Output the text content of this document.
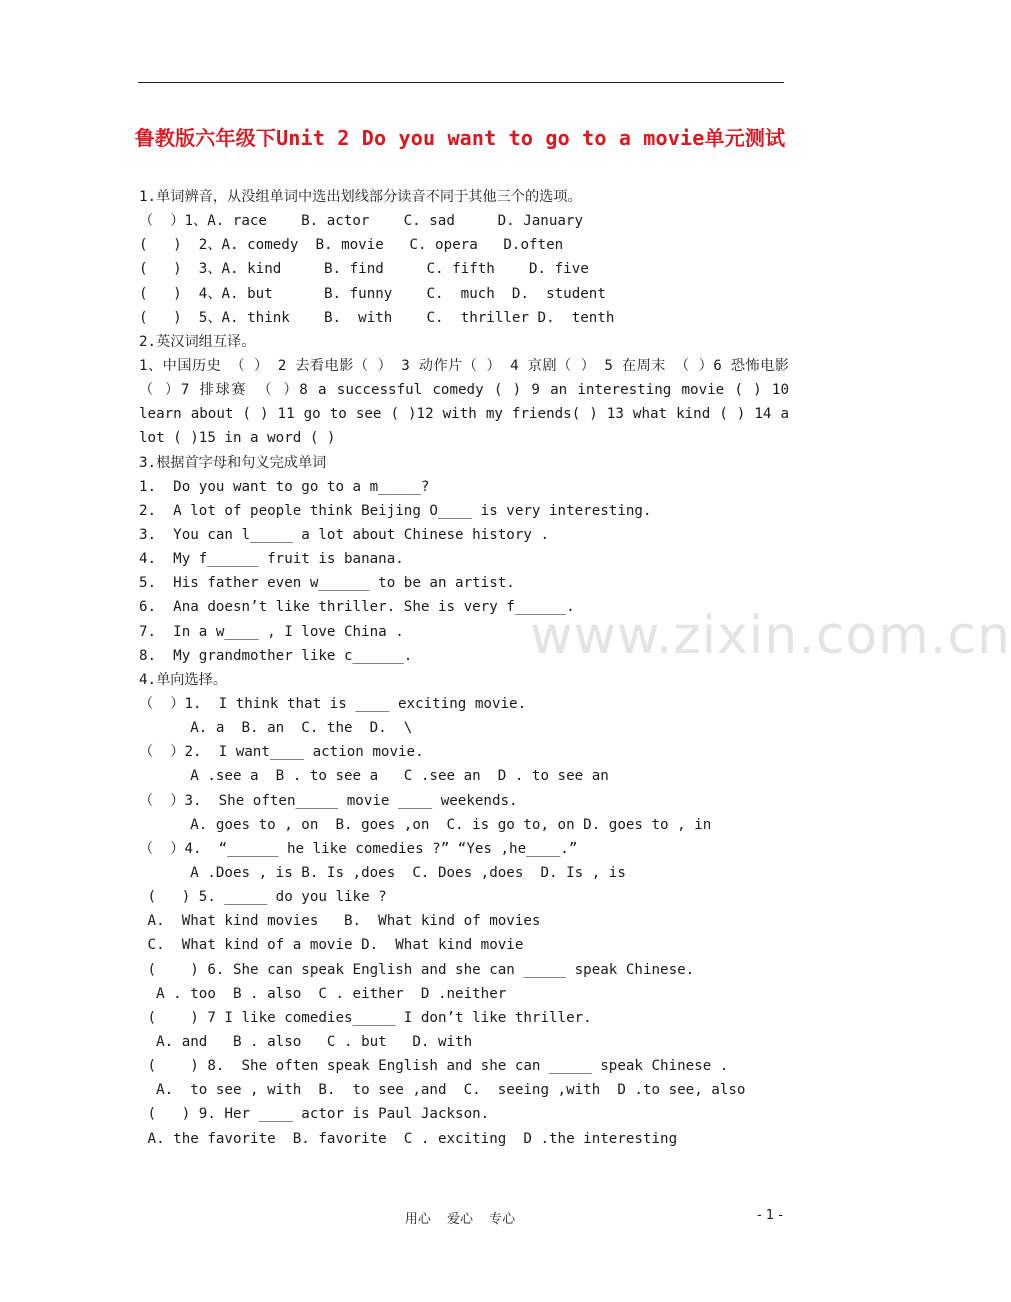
鲁教版六年级下Unit 2 Do you want to go to a movie单元测试
www.zixin.com.cn
1.单词辨音，从没组单词中选出划线部分读音不同于其他三个的选项。
（  ）1、A. race    B. actor    C. sad     D. January
(   )  2、A. comedy  B. movie   C. opera   D.often
(   )  3、A. kind     B. find     C. fifth    D. five
(   )  4、A. but      B. funny    C.  much  D.  student
(   )  5、A. think    B.  with    C.  thriller D.  tenth
2.英汉词组互译。
1、中国历史 （ ） 2 去看电影（ ） 3 动作片（ ） 4 京剧（ ） 5 在周末 （ ）6 恐怖电影 （ ）7 排球赛 （ ）8 a successful comedy ( ) 9 an interesting movie ( ) 10 learn about ( ) 11 go to see ( )12 with my friends( ) 13 what kind ( ) 14 a lot ( )15 in a word ( )
3.根据首字母和句义完成单词
1.  Do you want to go to a m_____?
2.  A lot of people think Beijing O____ is very interesting.
3.  You can l_____ a lot about Chinese history .
4.  My f______ fruit is banana.
5.  His father even w______ to be an artist.
6.  Ana doesn’t like thriller. She is very f______.
7.  In a w____ , I love China .
8.  My grandmother like c______.
4.单向选择。
（  ）1.  I think that is ____ exciting movie.
A. a  B. an  C. the  D.  \
（  ）2.  I want____ action movie.
A .see a  B . to see a   C .see an  D . to see an
（  ）3.  She often_____ movie ____ weekends.
A. goes to , on  B. goes ,on  C. is go to, on D. goes to , in
（  ）4.  “______ he like comedies ?” “Yes ,he____.”
A .Does , is B. Is ,does  C. Does ,does  D. Is , is
(   ) 5. _____ do you like ?
A.  What kind movies   B.  What kind of movies
C.  What kind of a movie D.  What kind movie
(    ) 6. She can speak English and she can _____ speak Chinese.
A . too  B . also  C . either  D .neither
(    ) 7 I like comedies_____ I don’t like thriller.
A. and   B . also   C . but   D. with
(    ) 8.  She often speak English and she can _____ speak Chinese .
A.  to see , with  B.  to see ,and  C.  seeing ,with  D .to see, also
(   ) 9. Her ____ actor is Paul Jackson.
A. the favorite  B. favorite  C . exciting  D .the interesting
用心 爱心 专心	- 1 -
